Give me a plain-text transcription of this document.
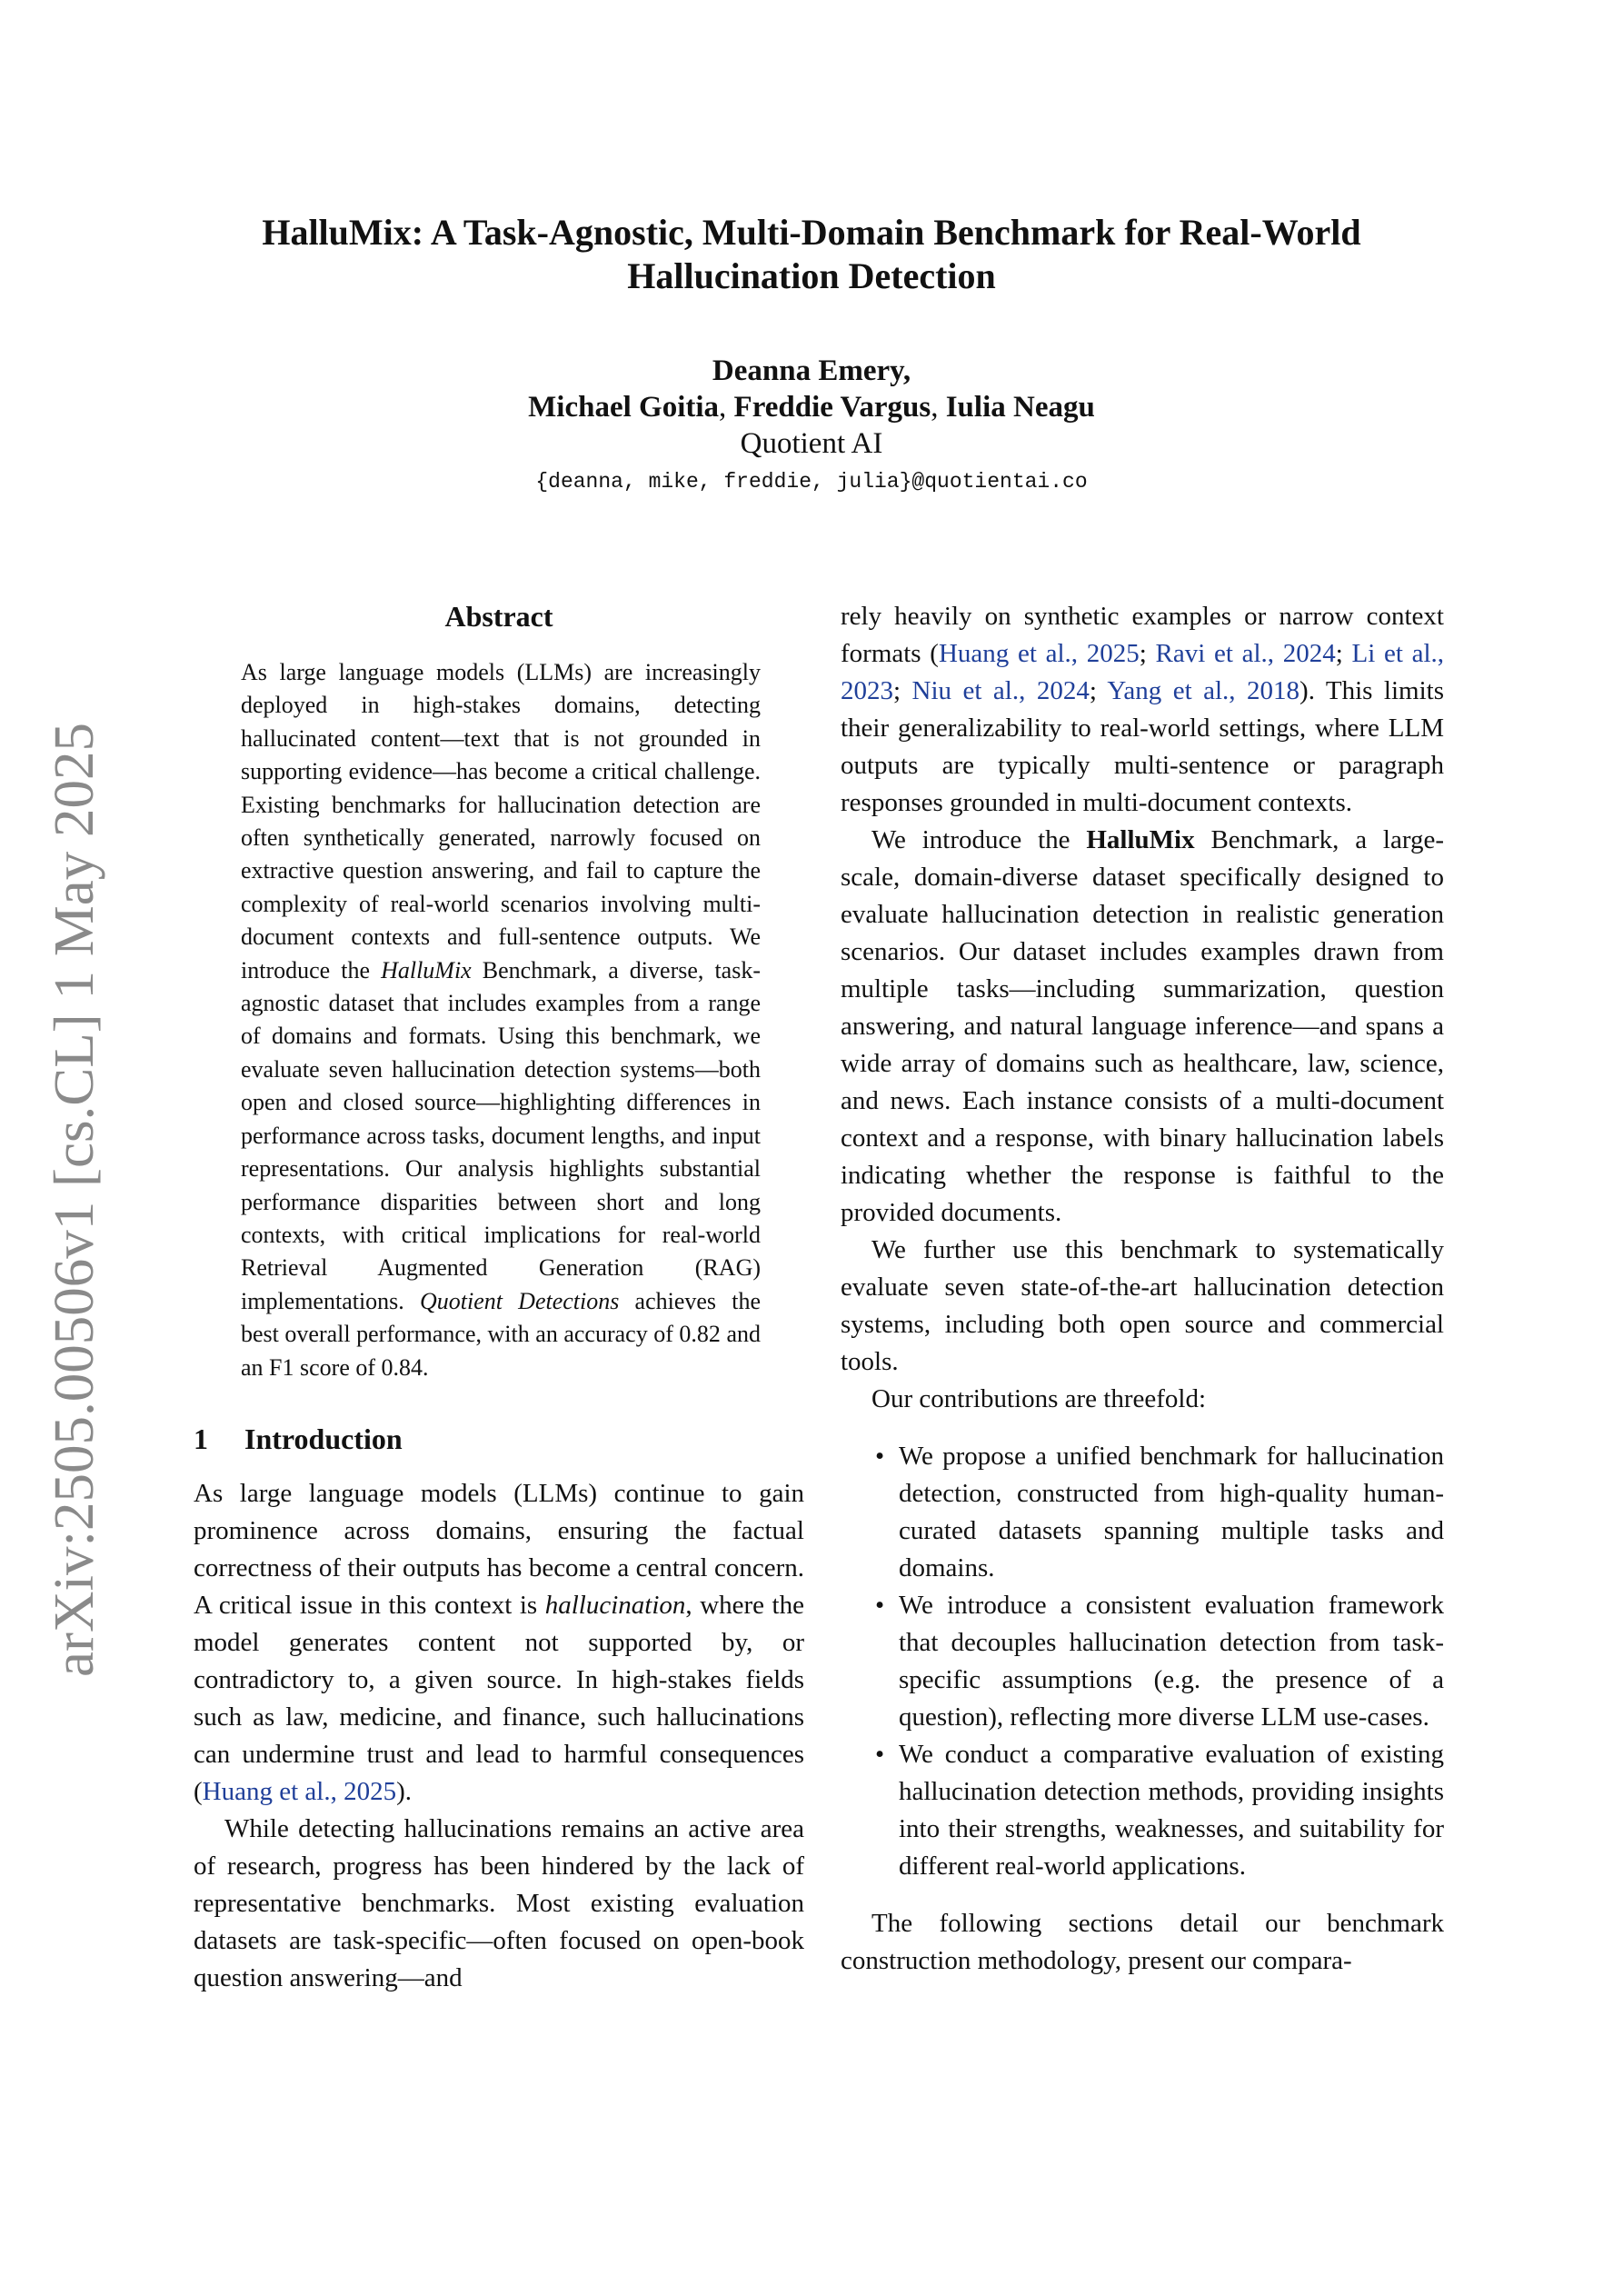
arXiv:2505.00506v1 [cs.CL] 1 May 2025
HalluMix: A Task-Agnostic, Multi-Domain Benchmark for Real-World
Hallucination Detection
Deanna Emery,
Michael Goitia, Freddie Vargus, Iulia Neagu
Quotient AI
{deanna, mike, freddie, julia}@quotientai.co
Abstract

As large language models (LLMs) are increasingly deployed in high-stakes domains, detecting hallucinated content—text that is not grounded in supporting evidence—has become a critical challenge. Existing benchmarks for hallucination detection are often synthetically generated, narrowly focused on extractive question answering, and fail to capture the complexity of real-world scenarios involving multi-document contexts and full-sentence outputs. We introduce the HalluMix Benchmark, a diverse, task-agnostic dataset that includes examples from a range of domains and formats. Using this benchmark, we evaluate seven hallucination detection systems—both open and closed source—highlighting differences in performance across tasks, document lengths, and input representations. Our analysis highlights substantial performance disparities between short and long contexts, with critical implications for real-world Retrieval Augmented Generation (RAG) implementations. Quotient Detections achieves the best overall performance, with an accuracy of 0.82 and an F1 score of 0.84.

1 Introduction

As large language models (LLMs) continue to gain prominence across domains, ensuring the factual correctness of their outputs has become a central concern. A critical issue in this context is hallucination, where the model generates content not supported by, or contradictory to, a given source. In high-stakes fields such as law, medicine, and finance, such hallucinations can undermine trust and lead to harmful consequences (Huang et al., 2025).

While detecting hallucinations remains an active area of research, progress has been hindered by the lack of representative benchmarks. Most existing evaluation datasets are task-specific—often focused on open-book question answering—and

rely heavily on synthetic examples or narrow context formats (Huang et al., 2025; Ravi et al., 2024; Li et al., 2023; Niu et al., 2024; Yang et al., 2018). This limits their generalizability to real-world settings, where LLM outputs are typically multi-sentence or paragraph responses grounded in multi-document contexts.

We introduce the HalluMix Benchmark, a large-scale, domain-diverse dataset specifically designed to evaluate hallucination detection in realistic generation scenarios. Our dataset includes examples drawn from multiple tasks—including summarization, question answering, and natural language inference—and spans a wide array of domains such as healthcare, law, science, and news. Each instance consists of a multi-document context and a response, with binary hallucination labels indicating whether the response is faithful to the provided documents.

We further use this benchmark to systematically evaluate seven state-of-the-art hallucination detection systems, including both open source and commercial tools.

Our contributions are threefold:

• We propose a unified benchmark for hallucination detection, constructed from high-quality human-curated datasets spanning multiple tasks and domains.
• We introduce a consistent evaluation framework that decouples hallucination detection from task-specific assumptions (e.g. the presence of a question), reflecting more diverse LLM use-cases.
• We conduct a comparative evaluation of existing hallucination detection methods, providing insights into their strengths, weaknesses, and suitability for different real-world applications.

The following sections detail our benchmark construction methodology, present our compara-
